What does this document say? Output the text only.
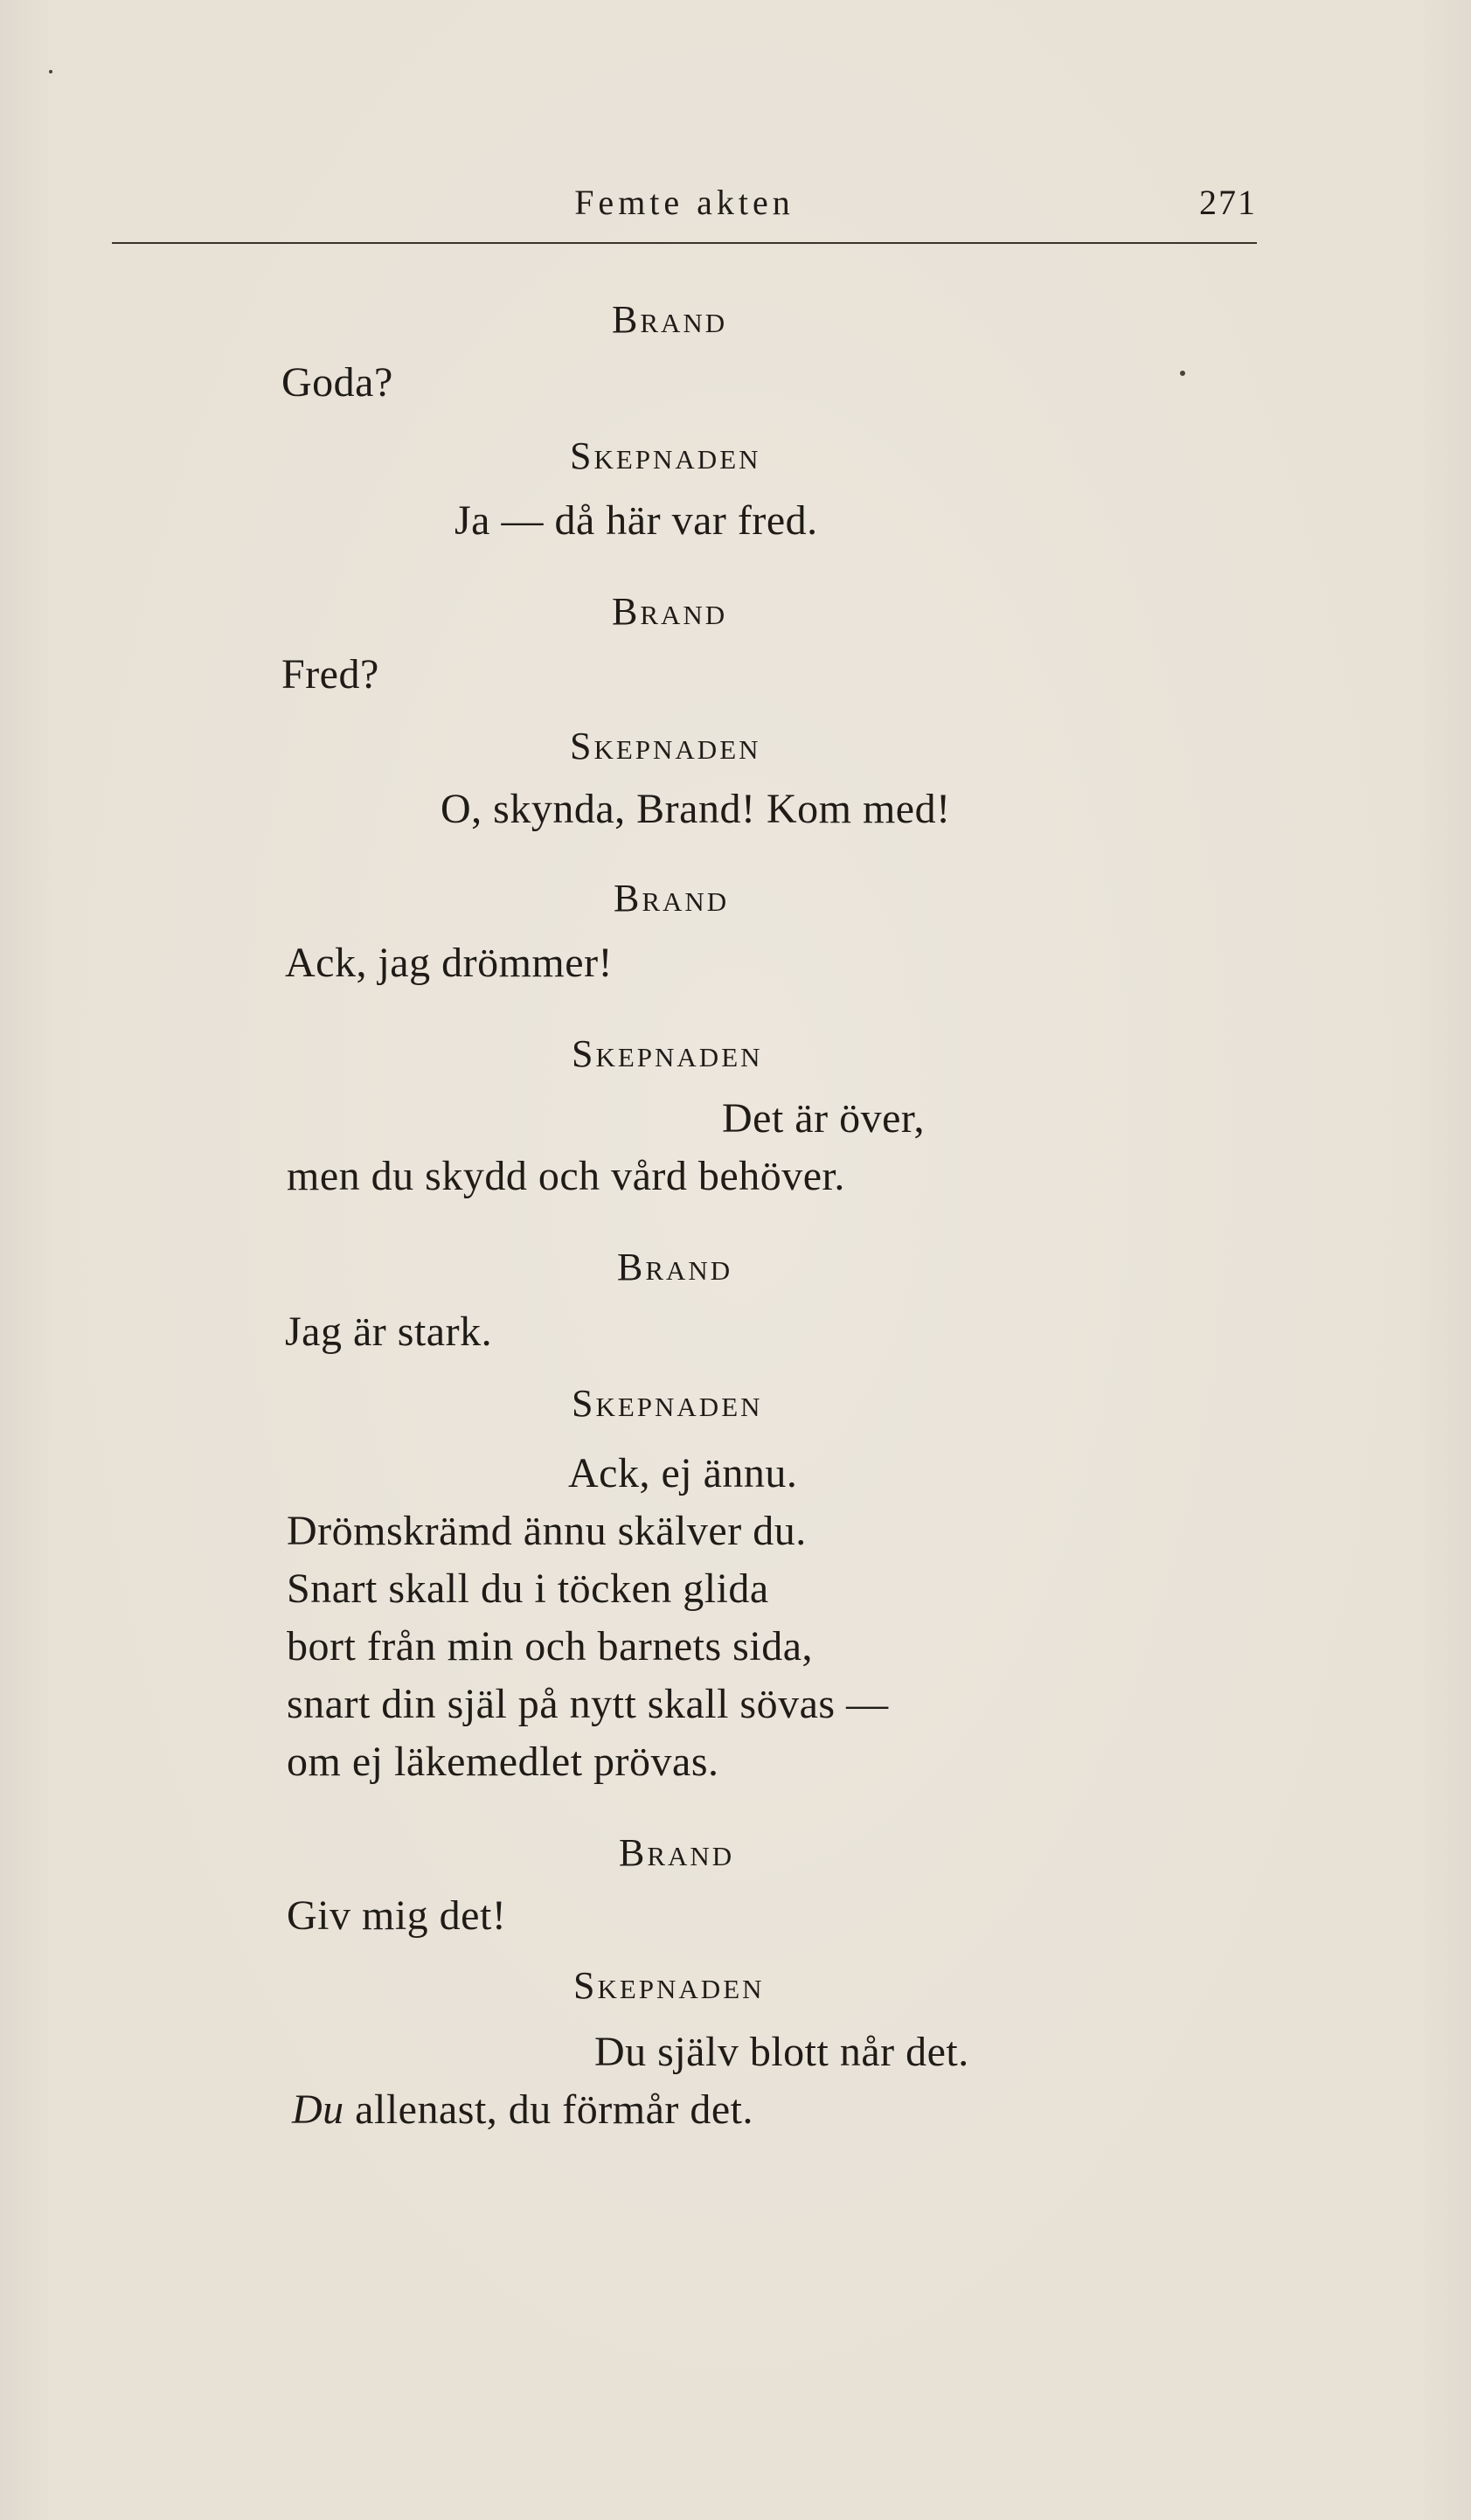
Femte akten	271
Brand
Goda?
Skepnaden
Ja — då här var fred.
Brand
Fred?
Skepnaden
O, skynda, Brand! Kom med!
Brand
Ack, jag drömmer!
Skepnaden
Det är över,
men du skydd och vård behöver.
Brand
Jag är stark.
Skepnaden
Ack, ej ännu.
Drömskrämd ännu skälver du.
Snart skall du i töcken glida
bort från min och barnets sida,
snart din själ på nytt skall sövas —
om ej läkemedlet prövas.
Brand
Giv mig det!
Skepnaden
Du själv blott når det.
Du allenast, du förmår det.
